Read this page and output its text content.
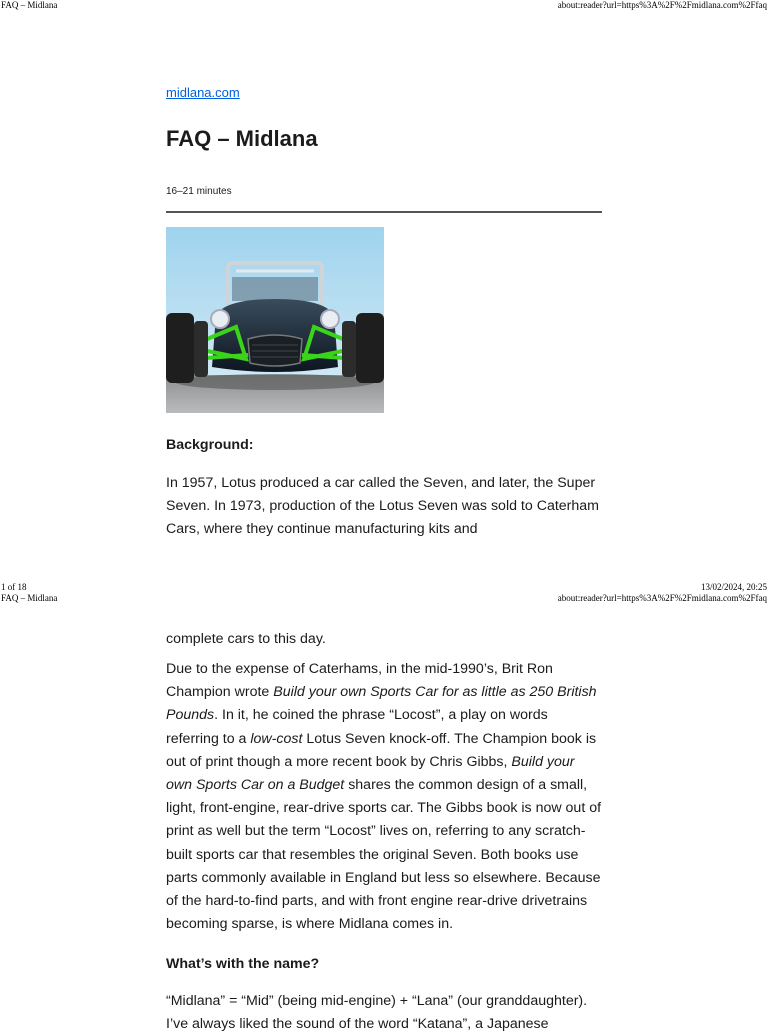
FAQ – Midlana	about:reader?url=https%3A%2F%2Fmidlana.com%2Ffaq
midlana.com
FAQ – Midlana
16–21 minutes
Background:

In 1957, Lotus produced a car called the Seven, and later, the Super Seven. In 1973, production of the Lotus Seven was sold to Caterham Cars, where they continue manufacturing kits and

1 of 18	13/02/2024, 20:25
FAQ – Midlana	about:reader?url=https%3A%2F%2Fmidlana.com%2Ffaq

complete cars to this day.

Due to the expense of Caterhams, in the mid-1990’s, Brit Ron Champion wrote Build your own Sports Car for as little as 250 British Pounds. In it, he coined the phrase “Locost”, a play on words referring to a low-cost Lotus Seven knock-off. The Champion book is out of print though a more recent book by Chris Gibbs, Build your own Sports Car on a Budget shares the common design of a small, light, front-engine, rear-drive sports car. The Gibbs book is now out of print as well but the term “Locost” lives on, referring to any scratch-built sports car that resembles the original Seven. Both books use parts commonly available in England but less so elsewhere. Because of the hard-to-find parts, and with front engine rear-drive drivetrains becoming sparse, is where Midlana comes in.

What’s with the name?

“Midlana” = “Mid” (being mid-engine) + “Lana” (our granddaughter).

I’ve always liked the sound of the word “Katana”, a Japanese
